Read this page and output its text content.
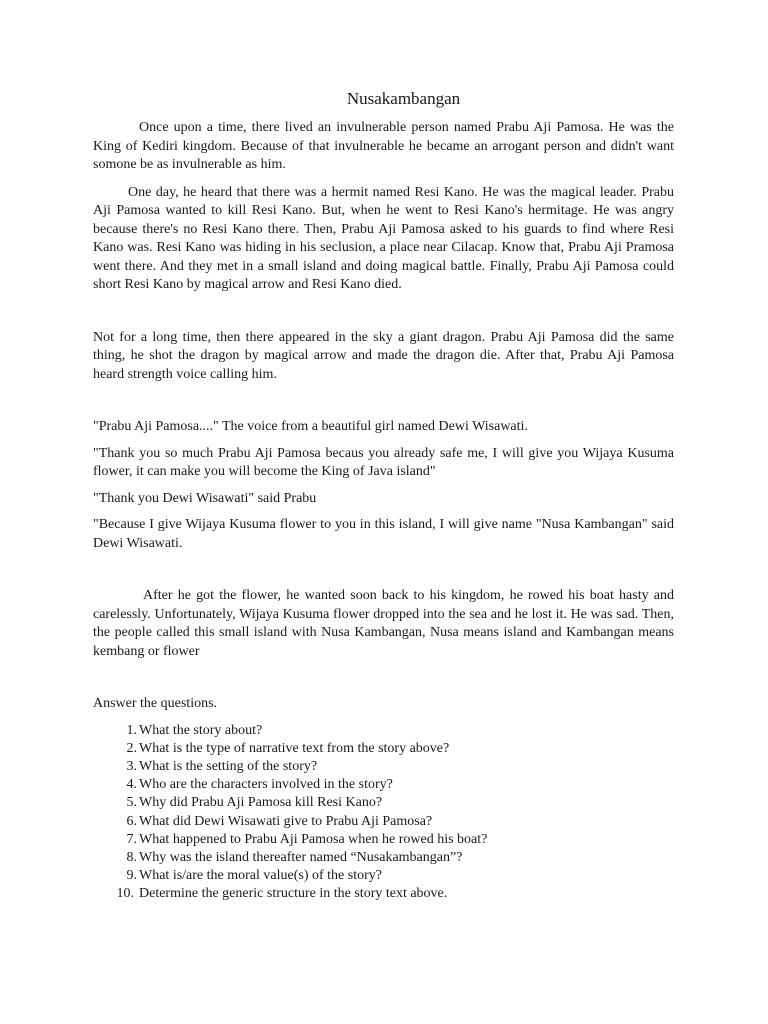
Nusakambangan

Once upon a time, there lived an invulnerable person named Prabu Aji Pamosa. He was the King of Kediri kingdom. Because of that invulnerable he became an arrogant person and didn't want somone be as invulnerable as him.

One day, he heard that there was a hermit named Resi Kano. He was the magical leader. Prabu Aji Pamosa wanted to kill Resi Kano. But, when he went to Resi Kano's hermitage. He was angry because there's no Resi Kano there. Then, Prabu Aji Pamosa asked to his guards to find where Resi Kano was. Resi Kano was hiding in his seclusion, a place near Cilacap. Know that, Prabu Aji Pramosa went there. And they met in a small island and doing magical battle. Finally, Prabu Aji Pamosa could short Resi Kano by magical arrow and Resi Kano died.

Not for a long time, then there appeared in the sky a giant dragon. Prabu Aji Pamosa did the same thing, he shot the dragon by magical arrow and made the dragon die. After that, Prabu Aji Pamosa heard strength voice calling him.

"Prabu Aji Pamosa...." The voice from a beautiful girl named Dewi Wisawati.

"Thank you so much Prabu Aji Pamosa becaus you already safe me, I will give you Wijaya Kusuma flower, it can make you will become the King of Java island"

"Thank you Dewi Wisawati" said Prabu

"Because I give Wijaya Kusuma flower to you in this island, I will give name "Nusa Kambangan" said Dewi Wisawati.

After he got the flower, he wanted soon back to his kingdom, he rowed his boat hasty and carelessly. Unfortunately, Wijaya Kusuma flower dropped into the sea and he lost it. He was sad. Then, the people called this small island with Nusa Kambangan, Nusa means island and Kambangan means kembang or flower

Answer the questions.

1. What the story about?
2. What is the type of narrative text from the story above?
3. What is the setting of the story?
4. Who are the characters involved in the story?
5. Why did Prabu Aji Pamosa kill Resi Kano?
6. What did Dewi Wisawati give to Prabu Aji Pamosa?
7. What happened to Prabu Aji Pamosa when he rowed his boat?
8. Why was the island thereafter named “Nusakambangan”?
9. What is/are the moral value(s) of the story?
10. Determine the generic structure in the story text above.
